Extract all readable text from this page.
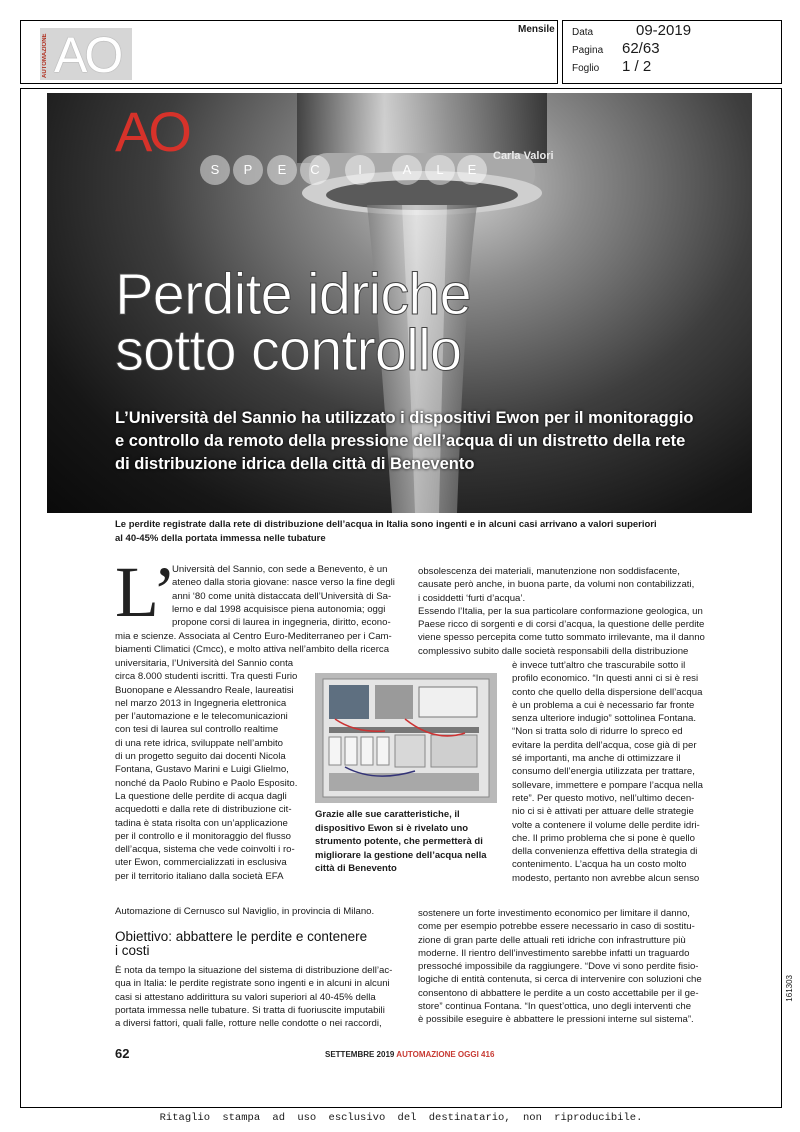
AUTOMAZIONE AO	Mensile Data	09-2019
Pagina 62/63
Foglio 1 / 2
AO
S	P	E	C	I	A	L	E
Carla Valori
Perdite idriche
sotto controllo
L’Università del Sannio ha utilizzato i dispositivi Ewon per il monitoraggio
e controllo da remoto della pressione dell’acqua di un distretto della rete
di distribuzione idrica della città di Benevento
Le perdite registrate dalla rete di distribuzione dell’acqua in Italia sono ingenti e in alcuni casi arrivano a valori superiori
al 40-45% della portata immessa nelle tubature
L’
Università del Sannio, con sede a Benevento, è un
ateneo dalla storia giovane: nasce verso la fine degli
anni ‘80 come unità distaccata dell’Università di Sa-
lerno e dal 1998 acquisisce piena autonomia; oggi
propone corsi di laurea in ingegneria, diritto, econo-
mia e scienze. Associata al Centro Euro-Mediterraneo per i Cam-
biamenti Climatici (Cmcc), e molto attiva nell’ambito della ricerca
universitaria, l’Università del Sannio conta
circa 8.000 studenti iscritti. Tra questi Furio
Buonopane e Alessandro Reale, laureatisi
nel marzo 2013 in Ingegneria elettronica
per l’automazione e le telecomunicazioni
con tesi di laurea sul controllo realtime
di una rete idrica, sviluppate nell’ambito
di un progetto seguito dai docenti Nicola
Fontana, Gustavo Marini e Luigi Glielmo,
nonché da Paolo Rubino e Paolo Esposito.
La questione delle perdite di acqua dagli
acquedotti e dalla rete di distribuzione cit-
tadina è stata risolta con un’applicazione
per il controllo e il monitoraggio del flusso
dell’acqua, sistema che vede coinvolti i ro-
uter Ewon, commercializzati in esclusiva
per il territorio italiano dalla società EFA
Automazione di Cernusco sul Naviglio, in provincia di Milano.
Obiettivo: abbattere le perdite e contenere
i costi
È nota da tempo la situazione del sistema di distribuzione dell’ac-
qua in Italia: le perdite registrate sono ingenti e in alcuni in alcuni
casi si attestano addirittura su valori superiori al 40-45% della
portata immessa nelle tubature. Si tratta di fuoriuscite imputabili
a diversi fattori, quali falle, rotture nelle condotte o nei raccordi,
Grazie alle sue caratteristiche, il
dispositivo Ewon si è rivelato uno
strumento potente, che permetterà di
migliorare la gestione dell’acqua nella
città di Benevento
obsolescenza dei materiali, manutenzione non soddisfacente,
causate però anche, in buona parte, da volumi non contabilizzati,
i cosiddetti ‘furti d’acqua’.
Essendo l’Italia, per la sua particolare conformazione geologica, un
Paese ricco di sorgenti e di corsi d’acqua, la questione delle perdite
viene spesso percepita come tutto sommato irrilevante, ma il danno
complessivo subito dalle società responsabili della distribuzione
è invece tutt’altro che trascurabile sotto il
profilo economico. “In questi anni ci si è resi
conto che quello della dispersione dell’acqua
è un problema a cui è necessario far fronte
senza ulteriore indugio” sottolinea Fontana.
“Non si tratta solo di ridurre lo spreco ed
evitare la perdita dell’acqua, cose già di per
sé importanti, ma anche di ottimizzare il
consumo dell’energia utilizzata per trattare,
sollevare, immettere e pompare l’acqua nella
rete”. Per questo motivo, nell’ultimo decen-
nio ci si è attivati per attuare delle strategie
volte a contenere il volume delle perdite idri-
che. Il primo problema che si pone è quello
della convenienza effettiva della strategia di
contenimento. L’acqua ha un costo molto
modesto, pertanto non avrebbe alcun senso
sostenere un forte investimento economico per limitare il danno,
come per esempio potrebbe essere necessario in caso di sostitu-
zione di gran parte delle attuali reti idriche con infrastrutture più
moderne. Il rientro dell’investimento sarebbe infatti un traguardo
pressoché impossibile da raggiungere. “Dove vi sono perdite fisio-
logiche di entità contenuta, si cerca di intervenire con soluzioni che
consentono di abbattere le perdite a un costo accettabile per il ge-
store” continua Fontana. “In quest’ottica, uno degli interventi che
è possibile eseguire è abbattere le pressioni interne sul sistema”.
62	SETTEMBRE 2019 AUTOMAZIONE OGGI 416
161303
Ritaglio stampa ad uso esclusivo del destinatario, non riproducibile.
